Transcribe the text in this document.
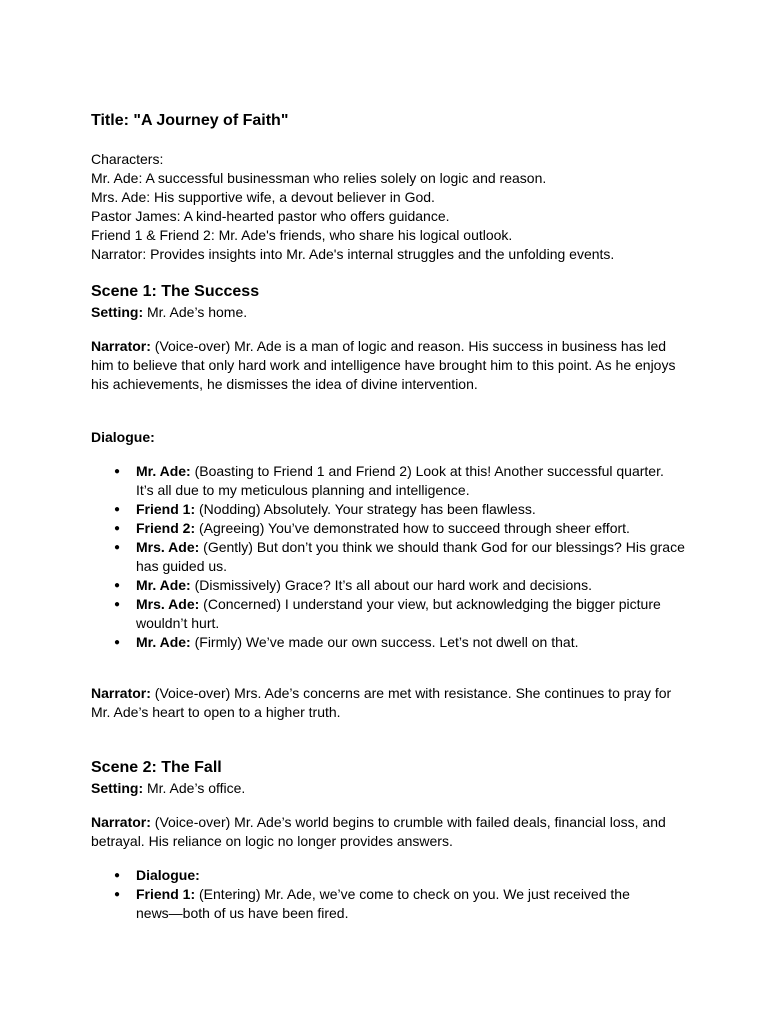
Title: "A Journey of Faith"
Characters:
Mr. Ade: A successful businessman who relies solely on logic and reason.
Mrs. Ade: His supportive wife, a devout believer in God.
Pastor James: A kind-hearted pastor who offers guidance.
Friend 1 & Friend 2: Mr. Ade's friends, who share his logical outlook.
Narrator: Provides insights into Mr. Ade's internal struggles and the unfolding events.
Scene 1: The Success
Setting: Mr. Ade’s home.
Narrator: (Voice-over) Mr. Ade is a man of logic and reason. His success in business has led
him to believe that only hard work and intelligence have brought him to this point. As he enjoys
his achievements, he dismisses the idea of divine intervention.
Dialogue:
● Mr. Ade: (Boasting to Friend 1 and Friend 2) Look at this! Another successful quarter.
It’s all due to my meticulous planning and intelligence.
● Friend 1: (Nodding) Absolutely. Your strategy has been flawless.
● Friend 2: (Agreeing) You’ve demonstrated how to succeed through sheer effort.
● Mrs. Ade: (Gently) But don’t you think we should thank God for our blessings? His grace
has guided us.
● Mr. Ade: (Dismissively) Grace? It’s all about our hard work and decisions.
● Mrs. Ade: (Concerned) I understand your view, but acknowledging the bigger picture
wouldn’t hurt.
● Mr. Ade: (Firmly) We’ve made our own success. Let’s not dwell on that.
Narrator: (Voice-over) Mrs. Ade’s concerns are met with resistance. She continues to pray for
Mr. Ade’s heart to open to a higher truth.
Scene 2: The Fall
Setting: Mr. Ade’s office.
Narrator: (Voice-over) Mr. Ade’s world begins to crumble with failed deals, financial loss, and
betrayal. His reliance on logic no longer provides answers.
● Dialogue:
● Friend 1: (Entering) Mr. Ade, we’ve come to check on you. We just received the
news—both of us have been fired.
